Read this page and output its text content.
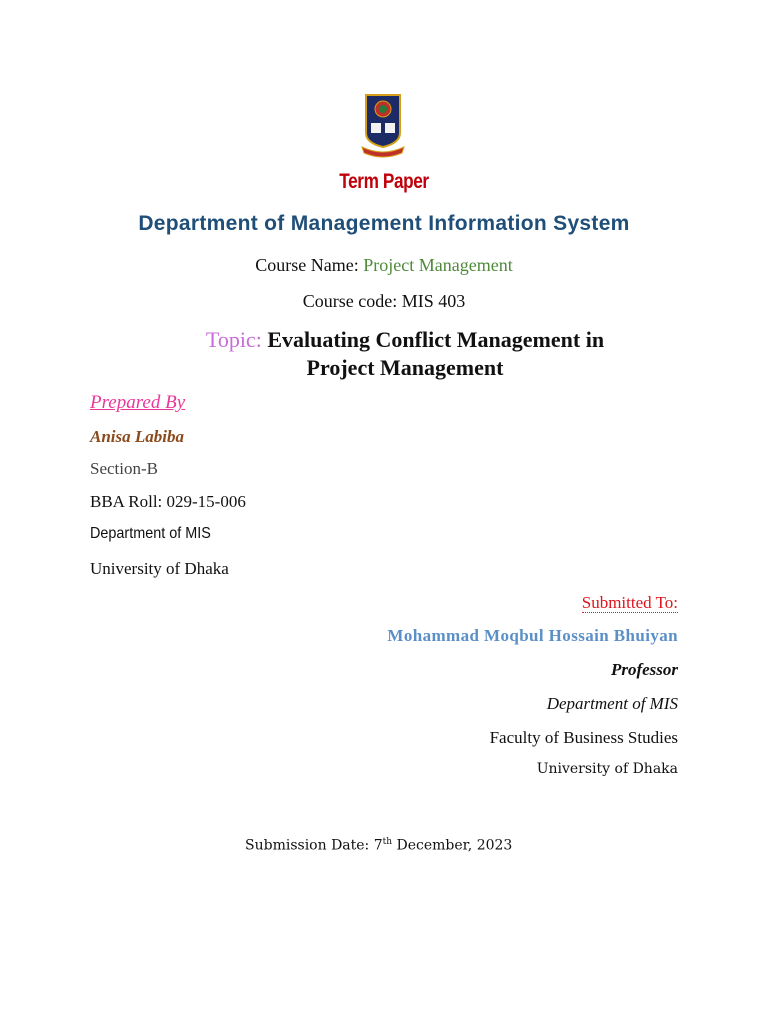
Term Paper
Department of Management Information System
Course Name: Project Management
Course code: MIS 403
Topic: Evaluating Conflict Management in Project Management
Prepared By
Anisa Labiba
Section-B
BBA Roll: 029-15-006
Department of MIS
University of Dhaka
Submitted To:
Mohammad Moqbul Hossain Bhuiyan
Professor
Department of MIS
Faculty of Business Studies
University of Dhaka
Submission Date: 7th December, 2023
